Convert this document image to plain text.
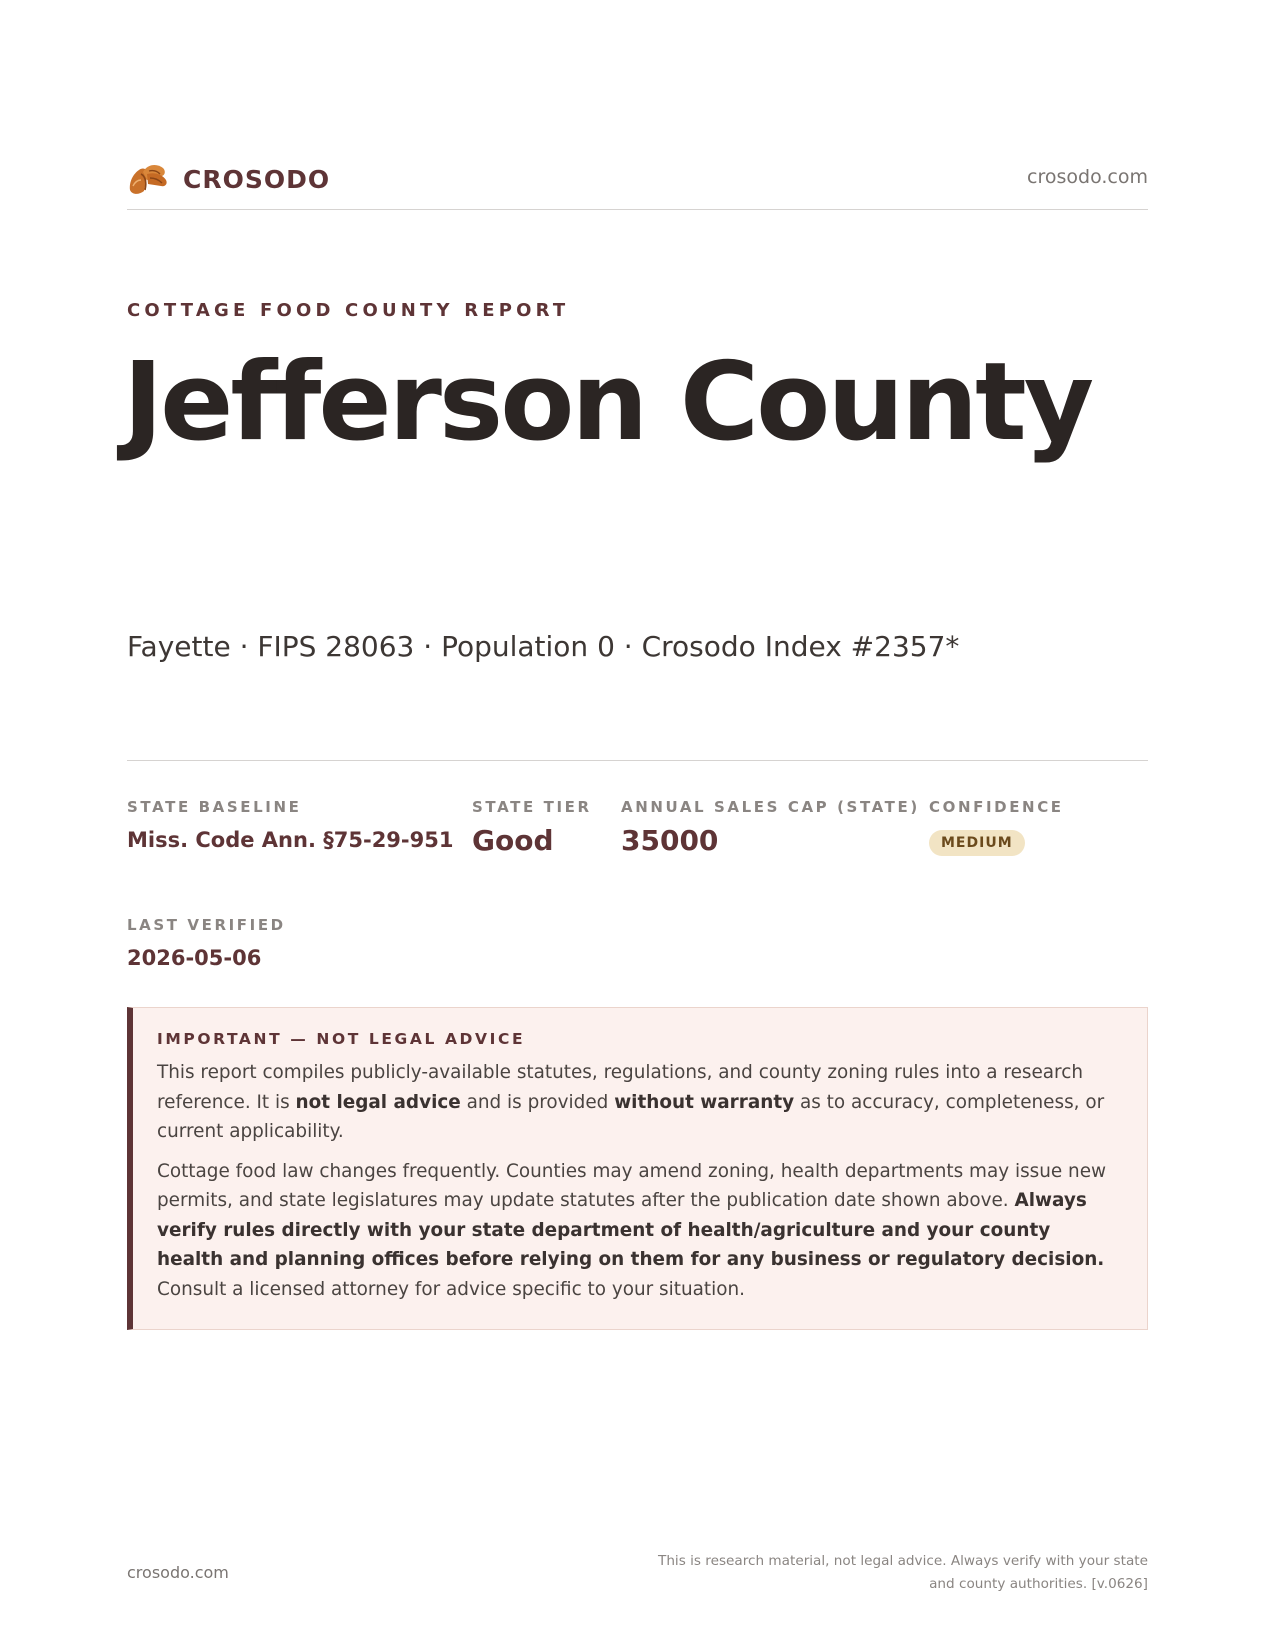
CROSODO	crosodo.com
COTTAGE FOOD COUNTY REPORT
Jefferson County
Fayette · FIPS 28063 · Population 0 · Crosodo Index #2357*
STATE BASELINE
Miss. Code Ann. §75-29-951
STATE TIER
Good
ANNUAL SALES CAP (STATE)
35000
CONFIDENCE
MEDIUM
LAST VERIFIED
2026-05-06
IMPORTANT — NOT LEGAL ADVICE

This report compiles publicly-available statutes, regulations, and county zoning rules into a research reference. It is not legal advice and is provided without warranty as to accuracy, completeness, or current applicability.

Cottage food law changes frequently. Counties may amend zoning, health departments may issue new permits, and state legislatures may update statutes after the publication date shown above. Always verify rules directly with your state department of health/agriculture and your county health and planning offices before relying on them for any business or regulatory decision. Consult a licensed attorney for advice specific to your situation.

crosodo.com
This is research material, not legal advice. Always verify with your state
and county authorities. [v.0626]
